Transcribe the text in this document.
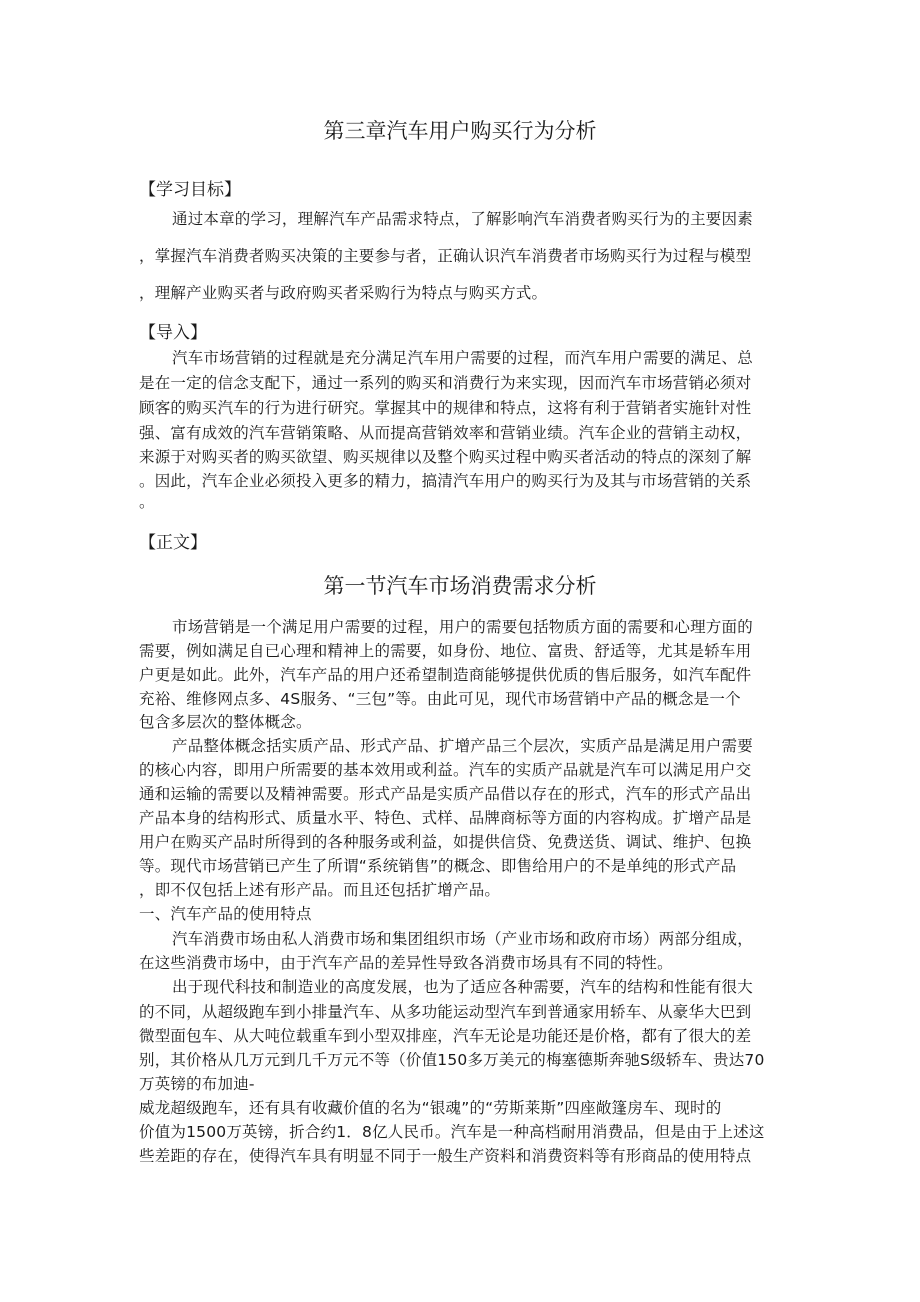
第三章汽车用户购买行为分析
【学习目标】
通过本章的学习，理解汽车产品需求特点，了解影响汽车消费者购买行为的主要因素
，掌握汽车消费者购买决策的主要参与者，正确认识汽车消费者市场购买行为过程与模型
，理解产业购买者与政府购买者采购行为特点与购买方式。
【导入】
汽车市场营销的过程就是充分满足汽车用户需要的过程，而汽车用户需要的满足、总
是在一定的信念支配下，通过一系列的购买和消费行为来实现，因而汽车市场营销必须对
顾客的购买汽车的行为进行研究。掌握其中的规律和特点，这将有利于营销者实施针对性
强、富有成效的汽车营销策略、从而提高营销效率和营销业绩。汽车企业的营销主动权，
来源于对购买者的购买欲望、购买规律以及整个购买过程中购买者活动的特点的深刻了解
。因此，汽车企业必须投入更多的精力，搞清汽车用户的购买行为及其与市场营销的关系
。
【正文】
第一节汽车市场消费需求分析
市场营销是一个满足用户需要的过程，用户的需要包括物质方面的需要和心理方面的
需要，例如满足自已心理和精神上的需要，如身份、地位、富贵、舒适等，尤其是轿车用
户更是如此。此外，汽车产品的用户还希望制造商能够提供优质的售后服务，如汽车配件
充裕、维修网点多、4S服务、“三包”等。由此可见，现代市场营销中产品的概念是一个
包含多层次的整体概念。
产品整体概念括实质产品、形式产品、扩增产品三个层次，实质产品是满足用户需要
的核心内容，即用户所需要的基本效用或利益。汽车的实质产品就是汽车可以满足用户交
通和运输的需要以及精神需要。形式产品是实质产品借以存在的形式，汽车的形式产品出
产品本身的结构形式、质量水平、特色、式样、品牌商标等方面的内容构成。扩增产品是
用户在购买产品时所得到的各种服务或利益，如提供信贷、免费送货、调试、维护、包换
等。现代市场营销已产生了所谓“系统销售”的概念、即售给用户的不是单纯的形式产品
，即不仅包括上述有形产品。而且还包括扩增产品。
一、汽车产品的使用特点
汽车消费市场由私人消费市场和集团组织市场（产业市场和政府市场）两部分组成，
在这些消费市场中，由于汽车产品的差异性导致各消费市场具有不同的特性。
出于现代科技和制造业的高度发展，也为了适应各种需要，汽车的结构和性能有很大
的不同，从超级跑车到小排量汽车、从多功能运动型汽车到普通家用轿车、从豪华大巴到
微型面包车、从大吨位载重车到小型双排座，汽车无论是功能还是价格，都有了很大的差
别，其价格从几万元到几千万元不等（价值150多万美元的梅塞德斯奔驰S级轿车、贵达70
万英镑的布加迪-
威龙超级跑车，还有具有收藏价值的名为“银魂”的“劳斯莱斯”四座敞篷房车、现时的
价值为1500万英镑，折合约1．8亿人民币。汽车是一种高档耐用消费品，但是由于上述这
些差距的存在，使得汽车具有明显不同于一般生产资料和消费资料等有形商品的使用特点
